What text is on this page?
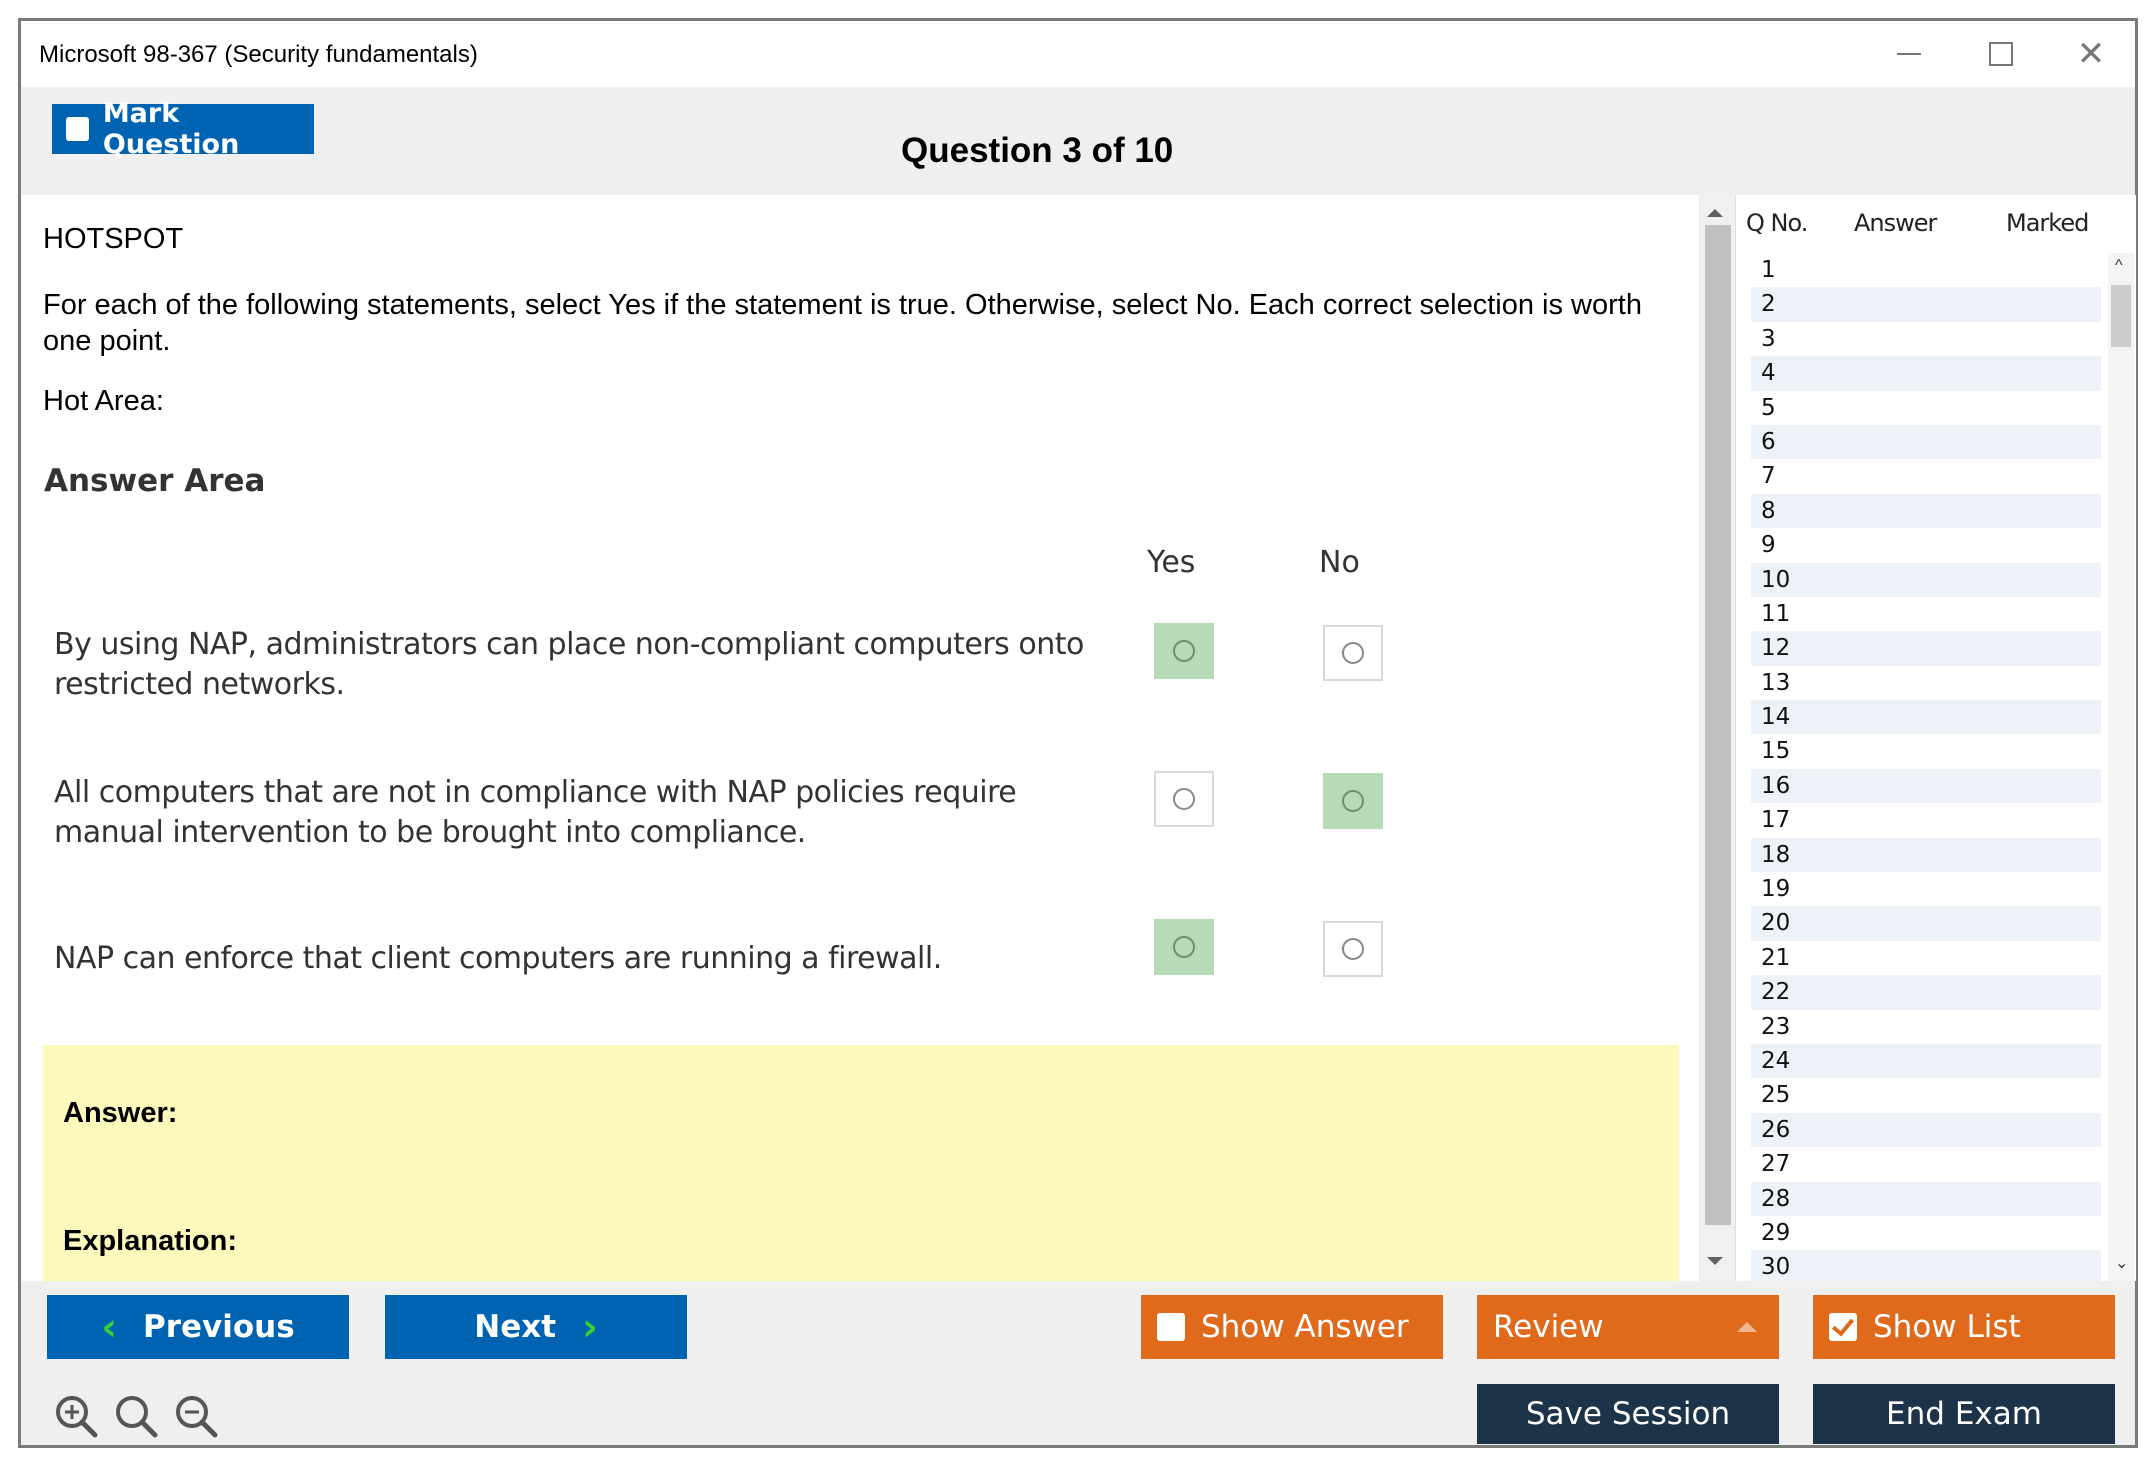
Microsoft 98-367 (Security fundamentals)	✕
Mark Question	Question 3 of 10
HOTSPOT
For each of the following statements, select Yes if the statement is true. Otherwise, select No. Each correct selection is worth one point.
Hot Area:
Answer Area
Yes	No
By using NAP, administrators can place non-compliant computers onto restricted networks.
All computers that are not in compliance with NAP policies require manual intervention to be brought into compliance.
NAP can enforce that client computers are running a firewall.
Answer:
Explanation:
Q No. Answer	Marked
1
2
3
4
5
6
7
8
9
10
11
12
13
14
15
16
17
18
19
20
21
22
23
24
25
26
27
28
29
30
^
⌄
‹ Previous	Next ›	Show Answer	Review	Show List
Save Session	End Exam
